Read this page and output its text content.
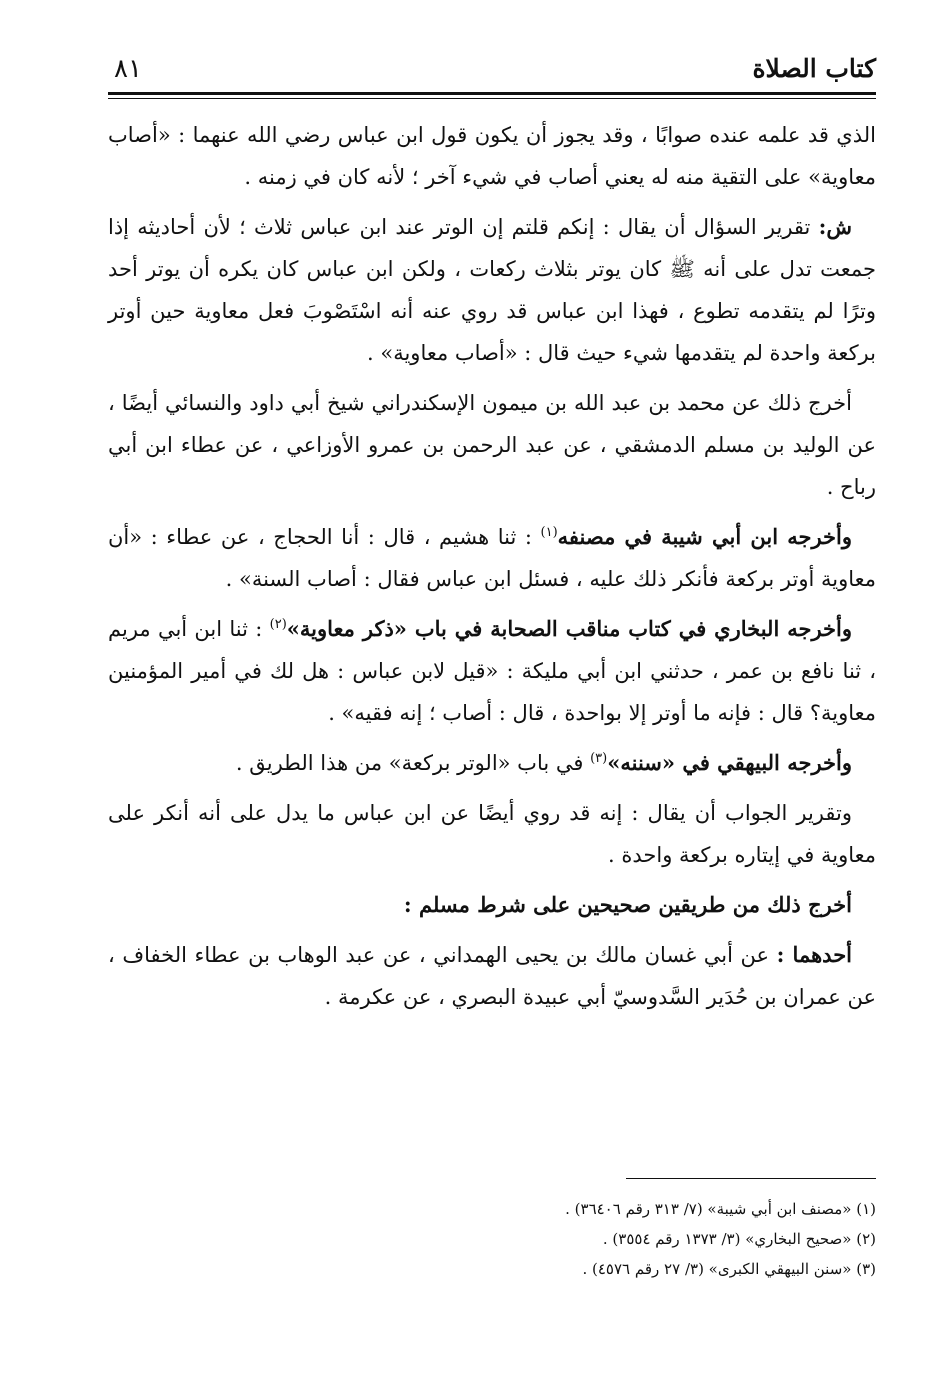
كتاب الصلاة
٨١

الذي قد علمه عنده صوابًا ، وقد يجوز أن يكون قول ابن عباس رضي الله عنهما : «أصاب معاوية» على التقية منه له يعني أصاب في شيء آخر ؛ لأنه كان في زمنه .

ش: تقرير السؤال أن يقال : إنكم قلتم إن الوتر عند ابن عباس ثلاث ؛ لأن أحاديثه إذا جمعت تدل على أنه ﷺ كان يوتر بثلاث ركعات ، ولكن ابن عباس كان يكره أن يوتر أحد وترًا لم يتقدمه تطوع ، فهذا ابن عباس قد روي عنه أنه اسْتَصْوبَ فعل معاوية حين أوتر بركعة واحدة لم يتقدمها شيء حيث قال : «أصاب معاوية» .

أخرج ذلك عن محمد بن عبد الله بن ميمون الإسكندراني شيخ أبي داود والنسائي أيضًا ، عن الوليد بن مسلم الدمشقي ، عن عبد الرحمن بن عمرو الأوزاعي ، عن عطاء ابن أبي رباح .

وأخرجه ابن أبي شيبة في مصنفه$^{(١)}$ : ثنا هشيم ، قال : أنا الحجاج ، عن عطاء : «أن معاوية أوتر بركعة فأنكر ذلك عليه ، فسئل ابن عباس فقال : أصاب السنة» .

وأخرجه البخاري في كتاب مناقب الصحابة في باب «ذكر معاوية»$^{(٢)}$ : ثنا ابن أبي مريم ، ثنا نافع بن عمر ، حدثني ابن أبي مليكة : «قيل لابن عباس : هل لك في أمير المؤمنين معاوية؟ قال : فإنه ما أوتر إلا بواحدة ، قال : أصاب ؛ إنه فقيه» .

وأخرجه البيهقي في «سننه»$^{(٣)}$ في باب «الوتر بركعة» من هذا الطريق .

وتقرير الجواب أن يقال : إنه قد روي أيضًا عن ابن عباس ما يدل على أنه أنكر على معاوية في إيتاره بركعة واحدة .

أخرج ذلك من طريقين صحيحين على شرط مسلم :

أحدهما : عن أبي غسان مالك بن يحيى الهمداني ، عن عبد الوهاب بن عطاء الخفاف ، عن عمران بن حُدَير السَّدوسيّ أبي عبيدة البصري ، عن عكرمة .

(١) «مصنف ابن أبي شيبة» (٧/ ٣١٣ رقم ٣٦٤٠٦) .

(٢) «صحيح البخاري» (٣/ ١٣٧٣ رقم ٣٥٥٤) .

(٣) «سنن البيهقي الكبرى» (٣/ ٢٧ رقم ٤٥٧٦) .
